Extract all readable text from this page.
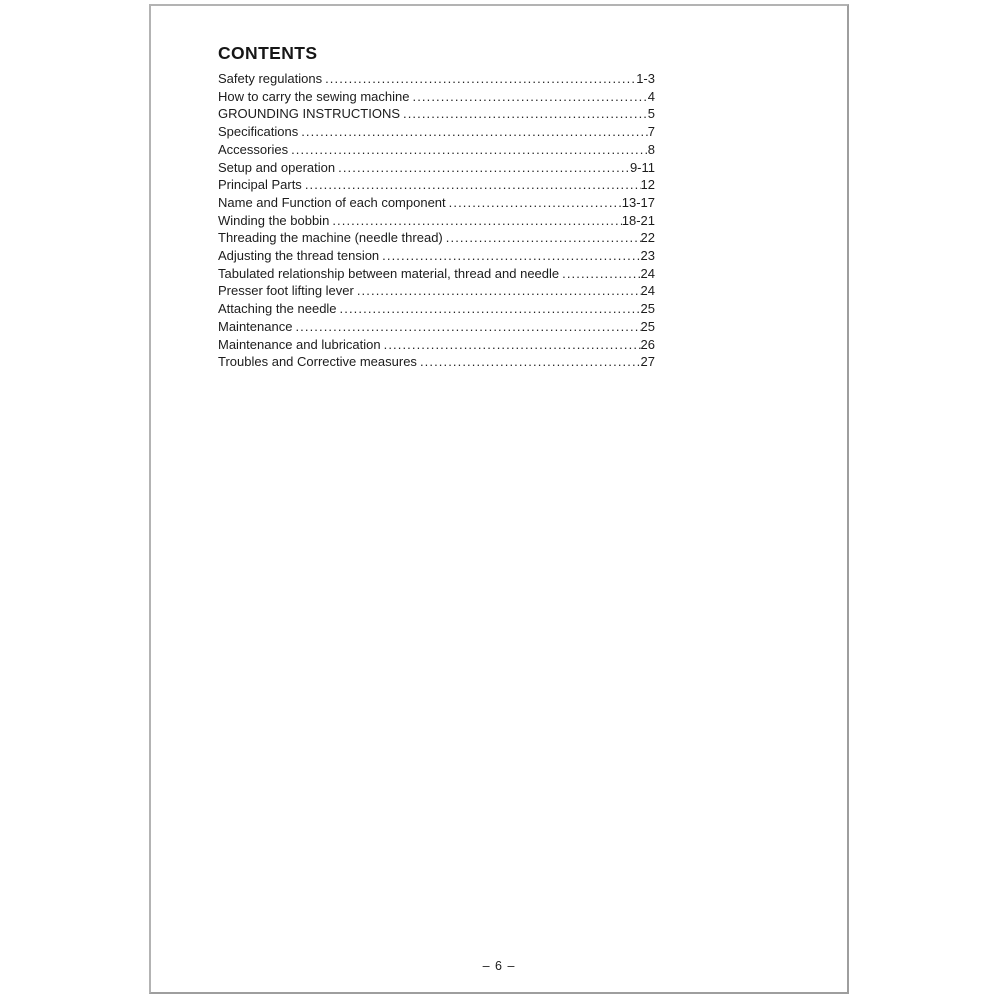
CONTENTS
Safety regulations .....	1-3
How to carry the sewing machine .....	4
GROUNDING INSTRUCTIONS .....	5
Specifications .....	7
Accessories .....	8
Setup and operation .....	9-11
Principal Parts .....	12
Name and Function of each component .....	13-17
Winding the bobbin .....	18-21
Threading the machine (needle thread) .....	22
Adjusting the thread tension .....	23
Tabulated relationship between material, thread and needle .....	24
Presser foot lifting lever .....	24
Attaching the needle .....	25
Maintenance .....	25
Maintenance and lubrication .....	26
Troubles and Corrective measures .....	27
– 6 –
